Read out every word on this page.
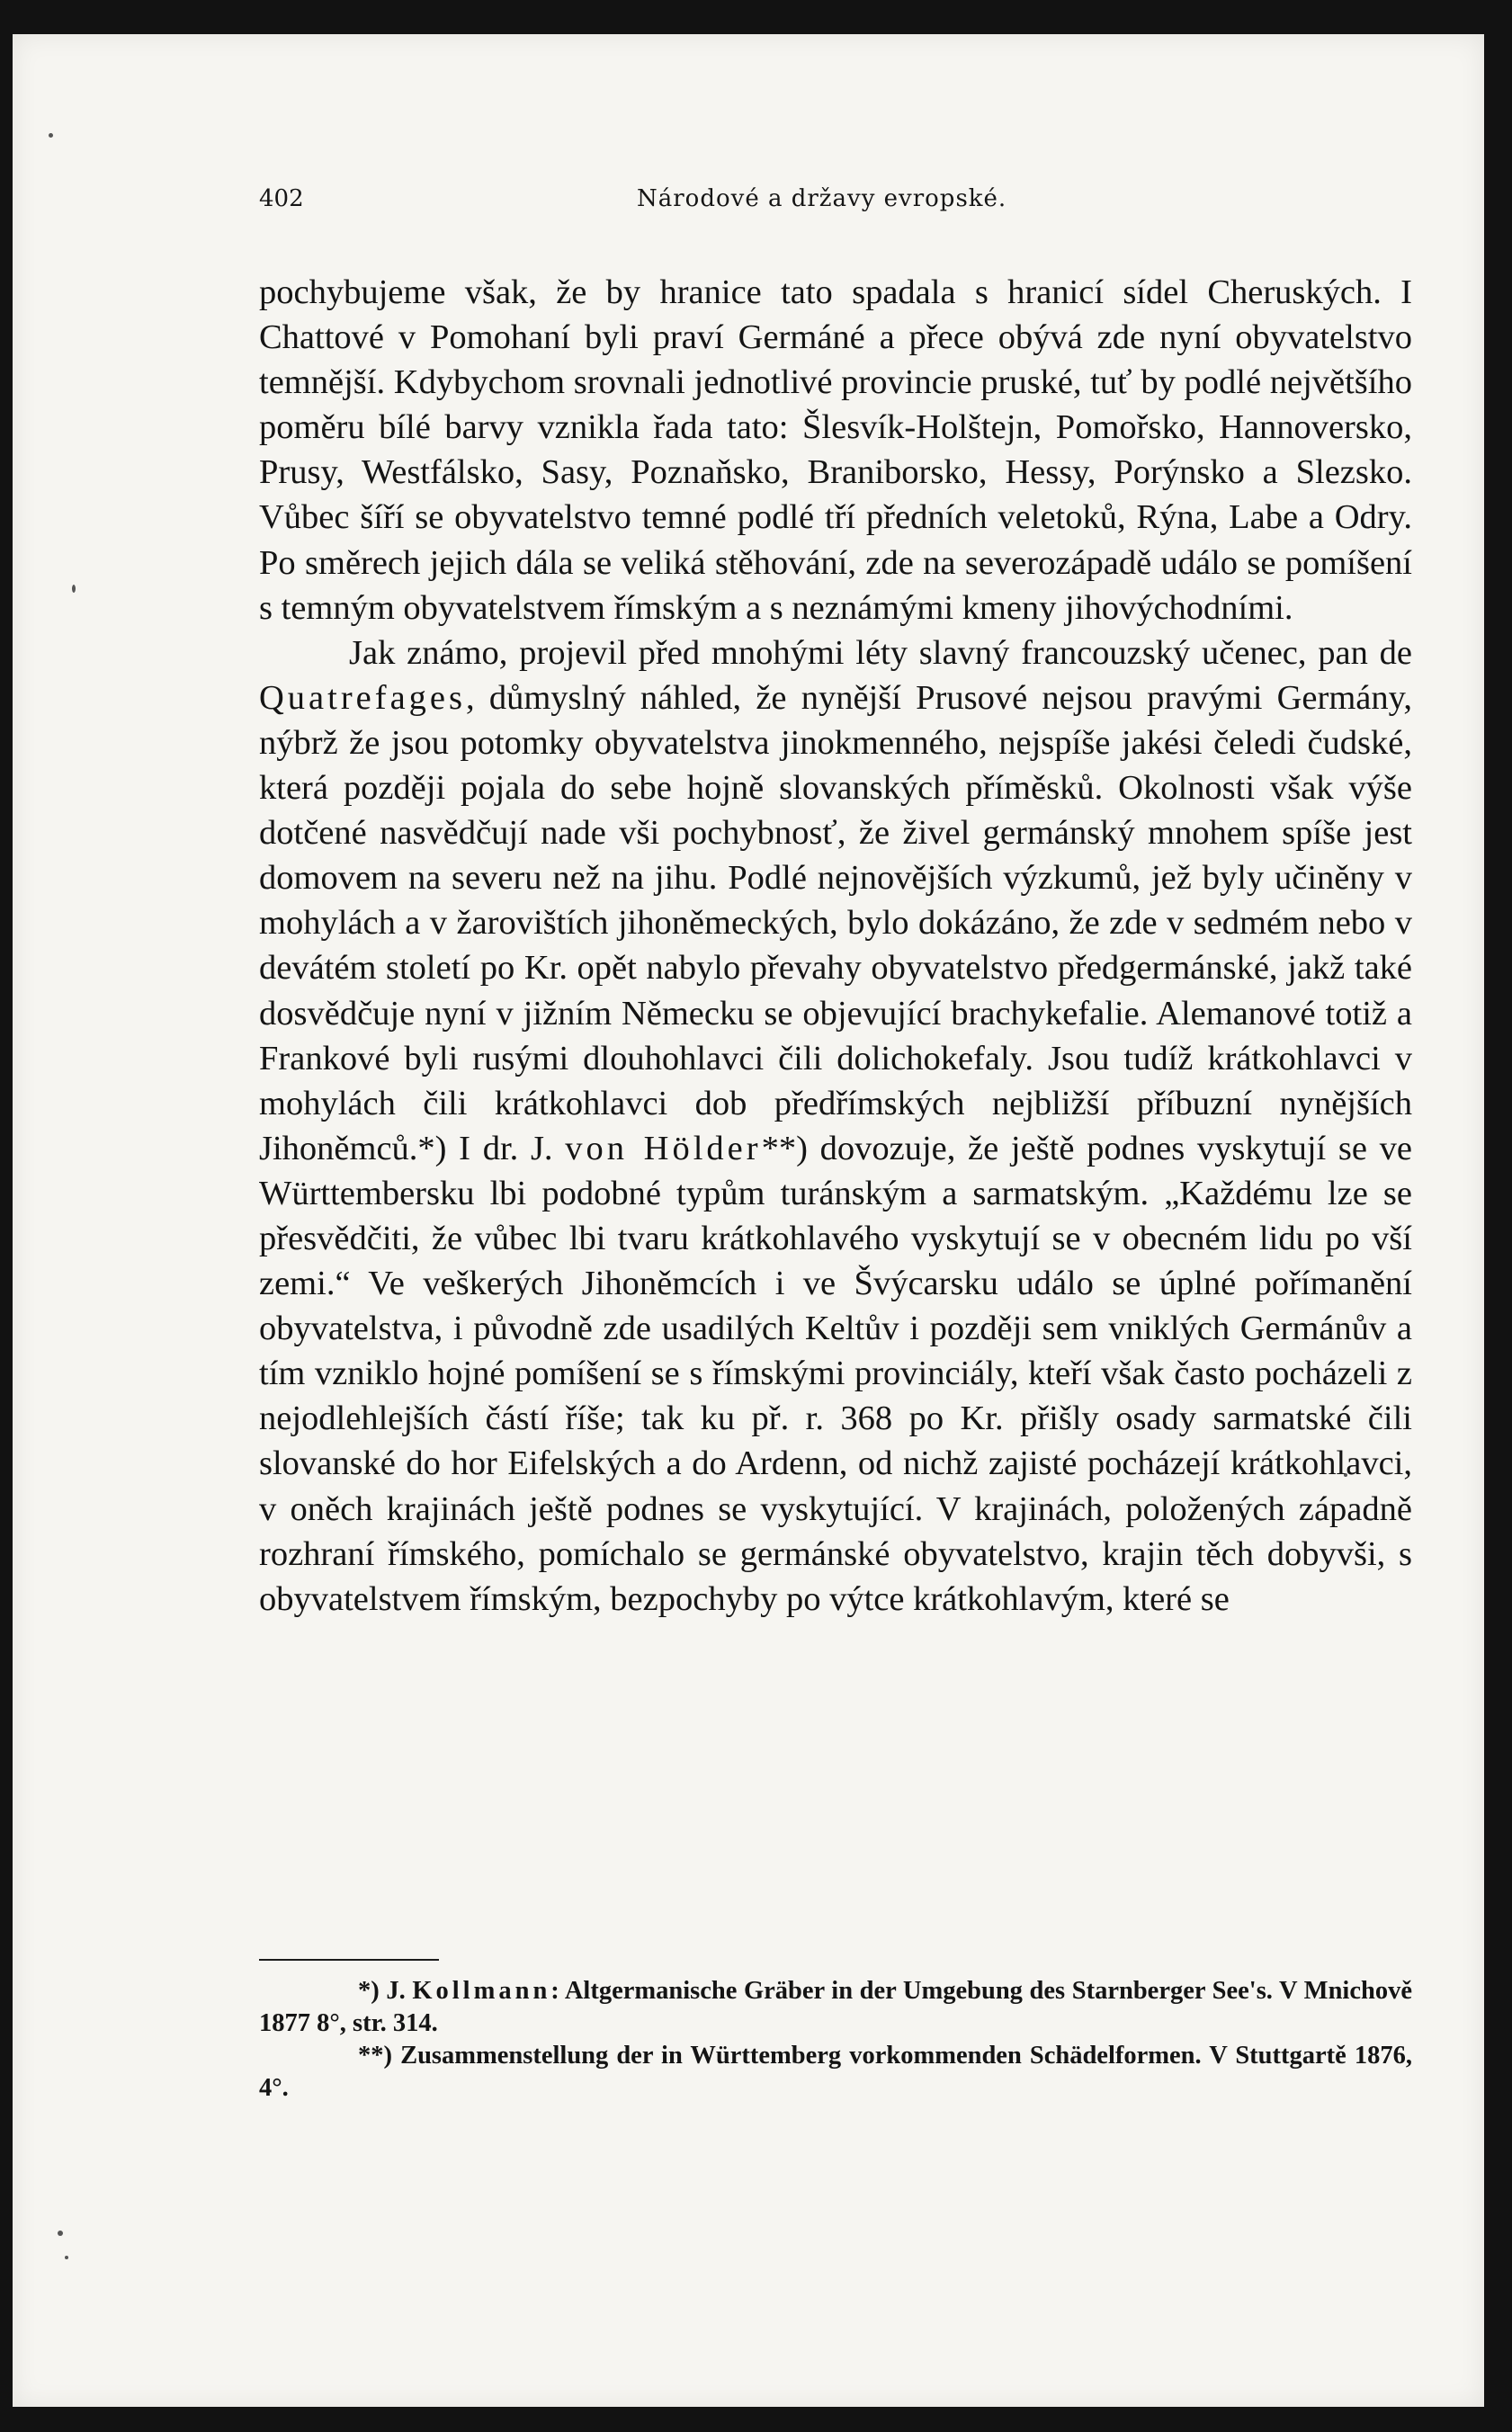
402	Národové a državy evropské.

pochybujeme však, že by hranice tato spadala s hranicí sídel Cheruských. I Chattové v Pomohaní byli praví Germáné a přece obývá zde nyní obyvatelstvo temnější. Kdybychom srovnali jednotlivé provincie pruské, tuť by podlé největšího poměru bílé barvy vznikla řada tato: Šlesvík-Holštejn, Pomořsko, Hannoversko, Prusy, Westfálsko, Sasy, Poznaňsko, Braniborsko, Hessy, Porýnsko a Slezsko. Vůbec šíří se obyvatelstvo temné podlé tří předních veletoků, Rýna, Labe a Odry. Po směrech jejich dála se veliká stěhování, zde na severozápadě událo se pomíšení s temným obyvatelstvem římským a s neznámými kmeny jihovýchodními.

Jak známo, projevil před mnohými léty slavný francouzský učenec, pan de Quatrefages, důmyslný náhled, že nynější Prusové nejsou pravými Germány, nýbrž že jsou potomky obyvatelstva jinokmenného, nejspíše jakési čeledi čudské, která později pojala do sebe hojně slovanských příměsků. Okolnosti však výše dotčené nasvědčují nade vši pochybnosť, že živel germánský mnohem spíše jest domovem na severu než na jihu. Podlé nejnovějších výzkumů, jež byly učiněny v mohylách a v žarovištích jihoněmeckých, bylo dokázáno, že zde v sedmém nebo v devátém století po Kr. opět nabylo převahy obyvatelstvo předgermánské, jakž také dosvědčuje nyní v jižním Německu se objevující brachykefalie. Alemanové totiž a Frankové byli rusými dlouhohlavci čili dolichokefaly. Jsou tudíž krátkohlavci v mohylách čili krátkohlavci dob předřímských nejbližší příbuzní nynějších Jihoněmců.*) I dr. J. von Hölder**) dovozuje, že ještě podnes vyskytují se ve Württembersku lbi podobné typům turánským a sarmatským. „Každému lze se přesvědčiti, že vůbec lbi tvaru krátkohlavého vyskytují se v obecném lidu po vší zemi.“ Ve veškerých Jihoněmcích i ve Švýcarsku událo se úplné pořímanění obyvatelstva, i původně zde usadilých Keltův i později sem vniklých Germánův a tím vzniklo hojné pomíšení se s římskými provinciály, kteří však často pocházeli z nejodlehlejších částí říše; tak ku př. r. 368 po Kr. přišly osady sarmatské čili slovanské do hor Eifelských a do Ardenn, od nichž zajisté pocházejí krátkohlavci, v oněch krajinách ještě podnes se vyskytující. V krajinách, položených západně rozhraní římského, pomíchalo se germánské obyvatelstvo, krajin těch dobyvši, s obyvatelstvem římským, bezpochyby po výtce krátkohlavým, které se

*) J. Kollmann: Altgermanische Gräber in der Umgebung des Starnberger See's. V Mnichově 1877 8°, str. 314.

**) Zusammenstellung der in Württemberg vorkommenden Schädelformen. V Stuttgartě 1876, 4°.
